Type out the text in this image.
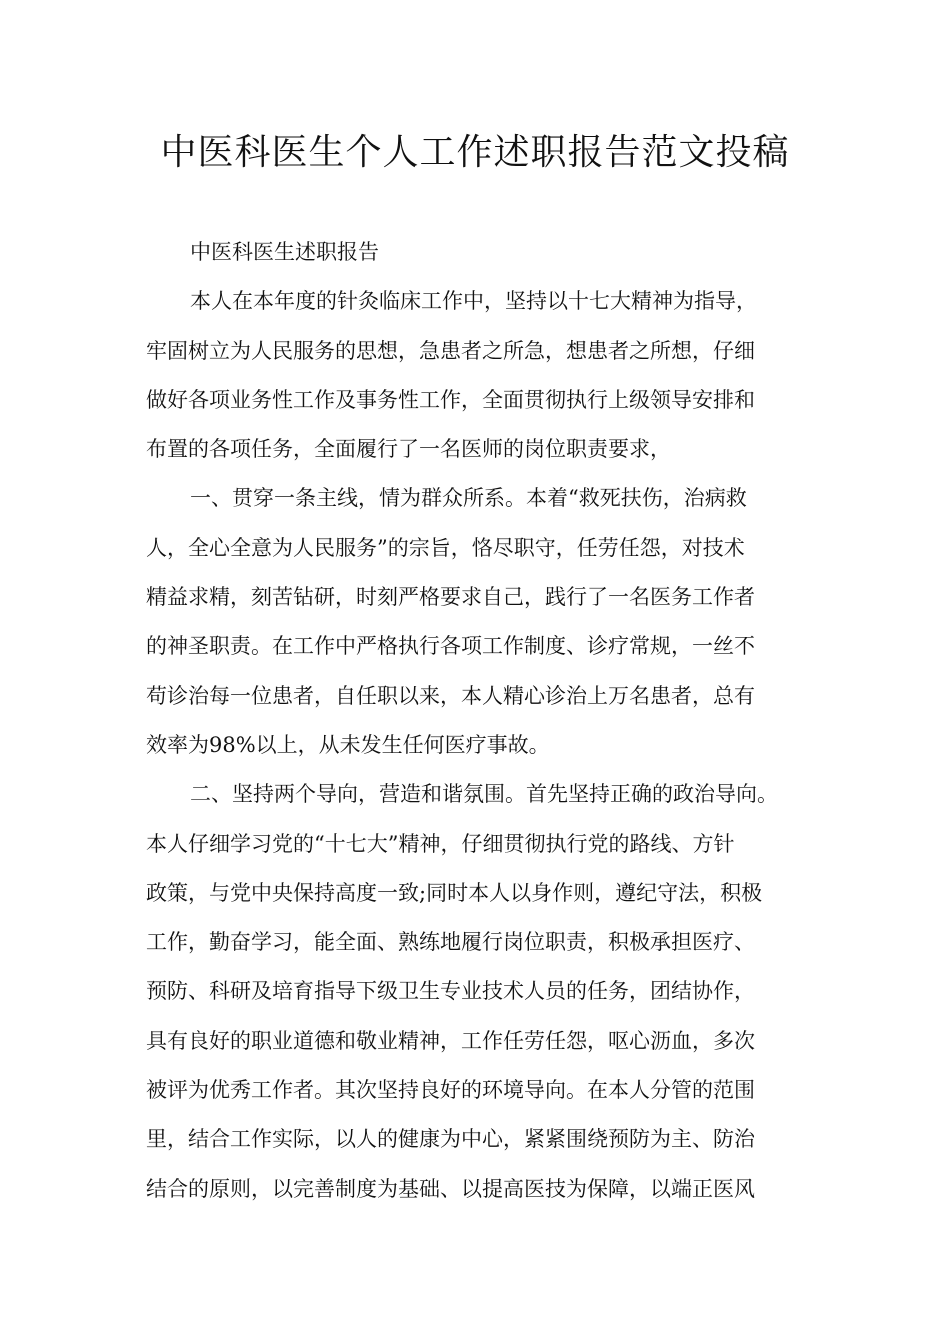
中医科医生个人工作述职报告范文投稿
中医科医生述职报告
本人在本年度的针灸临床工作中，坚持以十七大精神为指导，
牢固树立为人民服务的思想，急患者之所急，想患者之所想，仔细
做好各项业务性工作及事务性工作，全面贯彻执行上级领导安排和
布置的各项任务，全面履行了一名医师的岗位职责要求，
一、贯穿一条主线，情为群众所系。本着“救死扶伤，治病救
人，全心全意为人民服务”的宗旨，恪尽职守，任劳任怨，对技术
精益求精，刻苦钻研，时刻严格要求自己，践行了一名医务工作者
的神圣职责。在工作中严格执行各项工作制度、诊疗常规，一丝不
苟诊治每一位患者，自任职以来，本人精心诊治上万名患者，总有
效率为98%以上，从未发生任何医疗事故。
二、坚持两个导向，营造和谐氛围。首先坚持正确的政治导向。
本人仔细学习党的“十七大”精神，仔细贯彻执行党的路线、方针
政策，与党中央保持高度一致;同时本人以身作则，遵纪守法，积极
工作，勤奋学习，能全面、熟练地履行岗位职责，积极承担医疗、
预防、科研及培育指导下级卫生专业技术人员的任务，团结协作，
具有良好的职业道德和敬业精神，工作任劳任怨，呕心沥血，多次
被评为优秀工作者。其次坚持良好的环境导向。在本人分管的范围
里，结合工作实际，以人的健康为中心，紧紧围绕预防为主、防治
结合的原则，以完善制度为基础、以提高医技为保障，以端正医风
